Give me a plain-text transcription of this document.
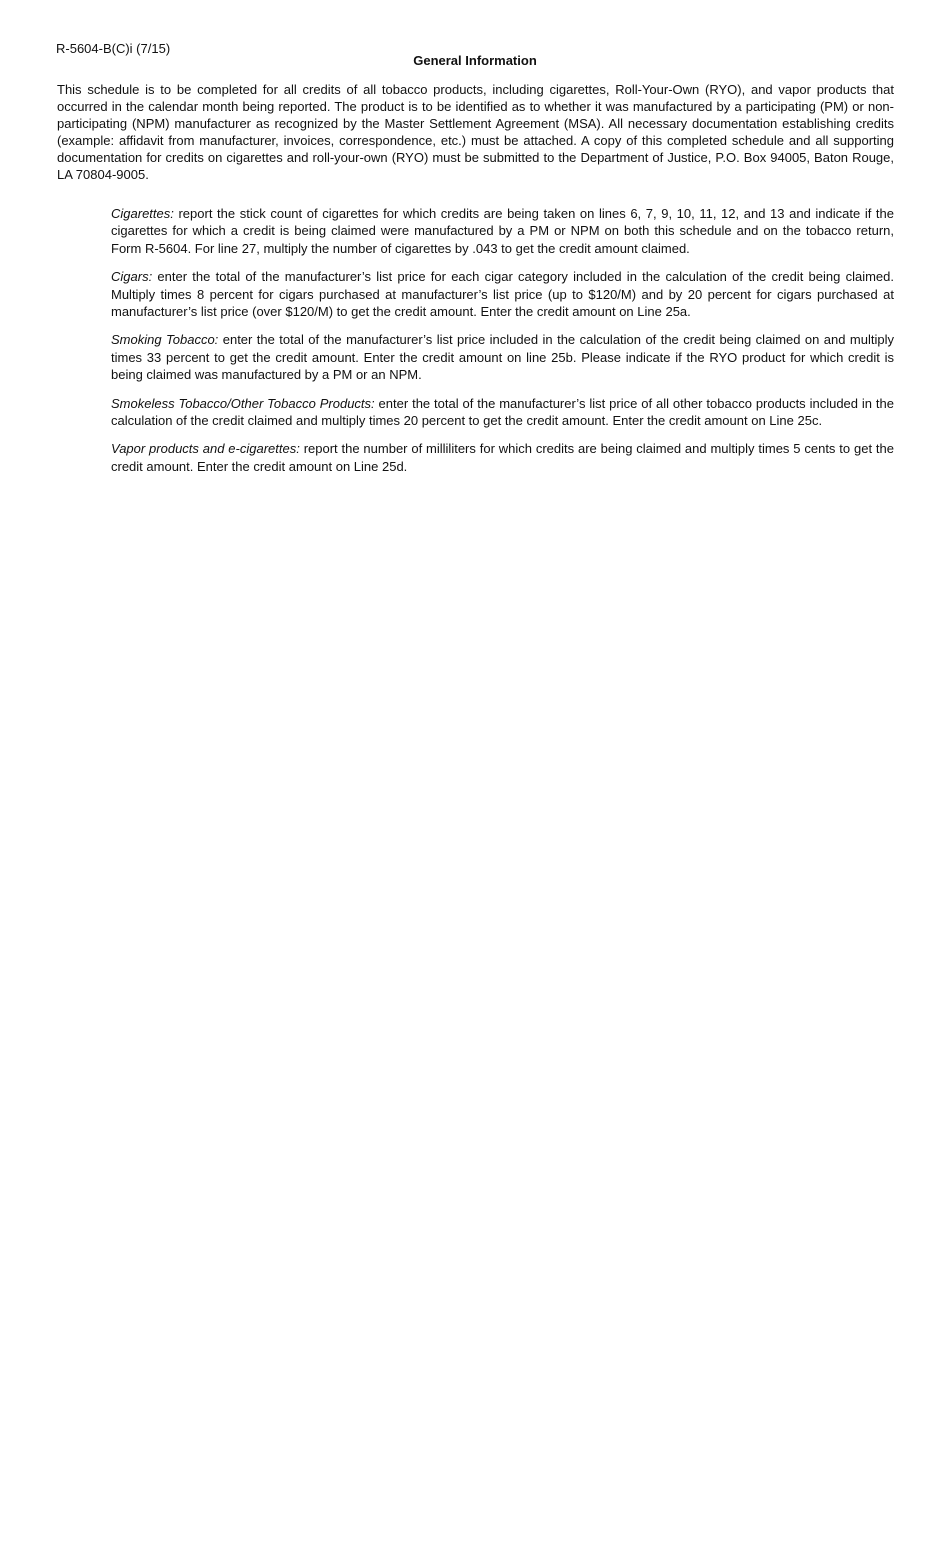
R-5604-B(C)i (7/15)
General Information

This schedule is to be completed for all credits of all tobacco products, including cigarettes, Roll-Your-Own (RYO), and vapor products that occurred in the calendar month being reported. The product is to be identified as to whether it was manufactured by a participating (PM) or non-participating (NPM) manufacturer as recognized by the Master Settlement Agreement (MSA). All necessary documentation establishing credits (example: affidavit from manufacturer, invoices, correspondence, etc.) must be attached. A copy of this completed schedule and all supporting documentation for credits on cigarettes and roll-your-own (RYO) must be submitted to the Department of Justice, P.O. Box 94005, Baton Rouge, LA 70804-9005.

Cigarettes: report the stick count of cigarettes for which credits are being taken on lines 6, 7, 9, 10, 11, 12, and 13 and indicate if the cigarettes for which a credit is being claimed were manufactured by a PM or NPM on both this schedule and on the tobacco return, Form R-5604. For line 27, multiply the number of cigarettes by .043 to get the credit amount claimed.

Cigars: enter the total of the manufacturer’s list price for each cigar category included in the calculation of the credit being claimed. Multiply times 8 percent for cigars purchased at manufacturer’s list price (up to $120/M) and by 20 percent for cigars purchased at manufacturer’s list price (over $120/M) to get the credit amount. Enter the credit amount on Line 25a.

Smoking Tobacco: enter the total of the manufacturer’s list price included in the calculation of the credit being claimed on and multiply times 33 percent to get the credit amount. Enter the credit amount on line 25b. Please indicate if the RYO product for which credit is being claimed was manufactured by a PM or an NPM.

Smokeless Tobacco/Other Tobacco Products: enter the total of the manufacturer’s list price of all other tobacco products included in the calculation of the credit claimed and multiply times 20 percent to get the credit amount. Enter the credit amount on Line 25c.

Vapor products and e-cigarettes: report the number of milliliters for which credits are being claimed and multiply times 5 cents to get the credit amount. Enter the credit amount on Line 25d.
